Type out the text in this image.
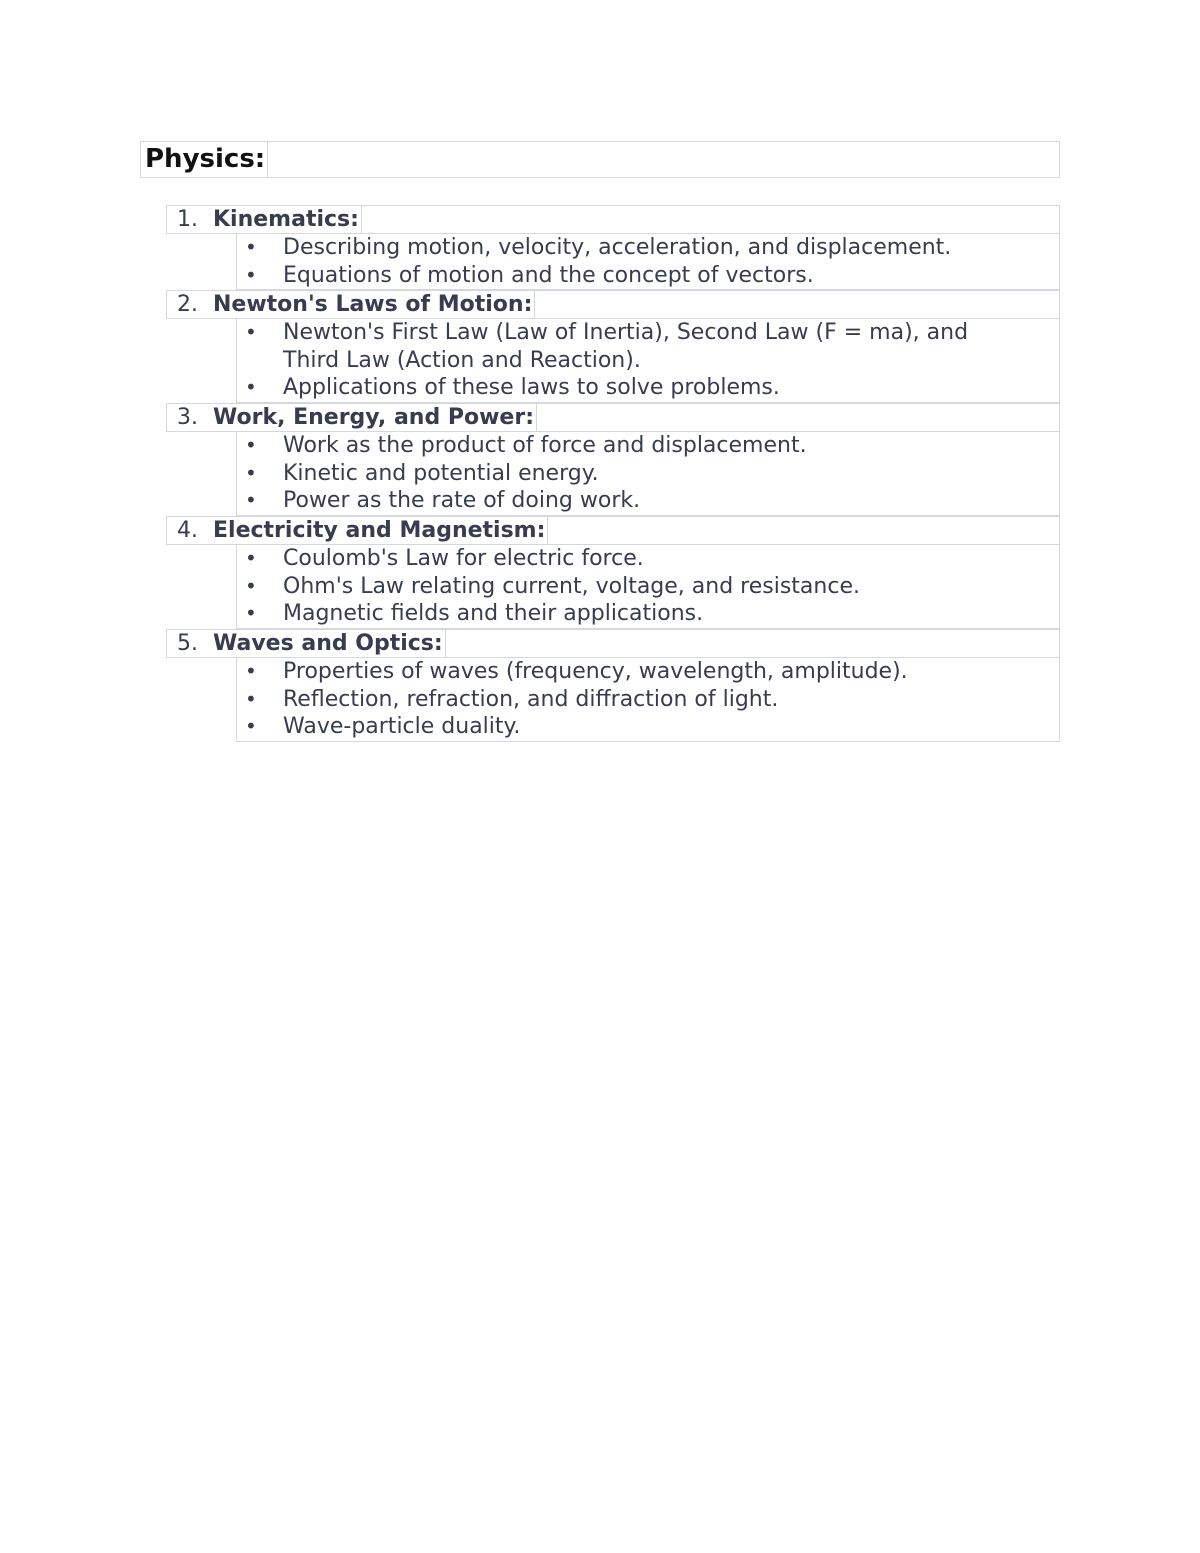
Physics:
1. Kinematics:
• Describing motion, velocity, acceleration, and displacement.
• Equations of motion and the concept of vectors.
2. Newton's Laws of Motion:
• Newton's First Law (Law of Inertia), Second Law (F = ma), and Third Law (Action and Reaction).
• Applications of these laws to solve problems.
3. Work, Energy, and Power:
• Work as the product of force and displacement.
• Kinetic and potential energy.
• Power as the rate of doing work.
4. Electricity and Magnetism:
• Coulomb's Law for electric force.
• Ohm's Law relating current, voltage, and resistance.
• Magnetic fields and their applications.
5. Waves and Optics:
• Properties of waves (frequency, wavelength, amplitude).
• Reflection, refraction, and diffraction of light.
• Wave-particle duality.
